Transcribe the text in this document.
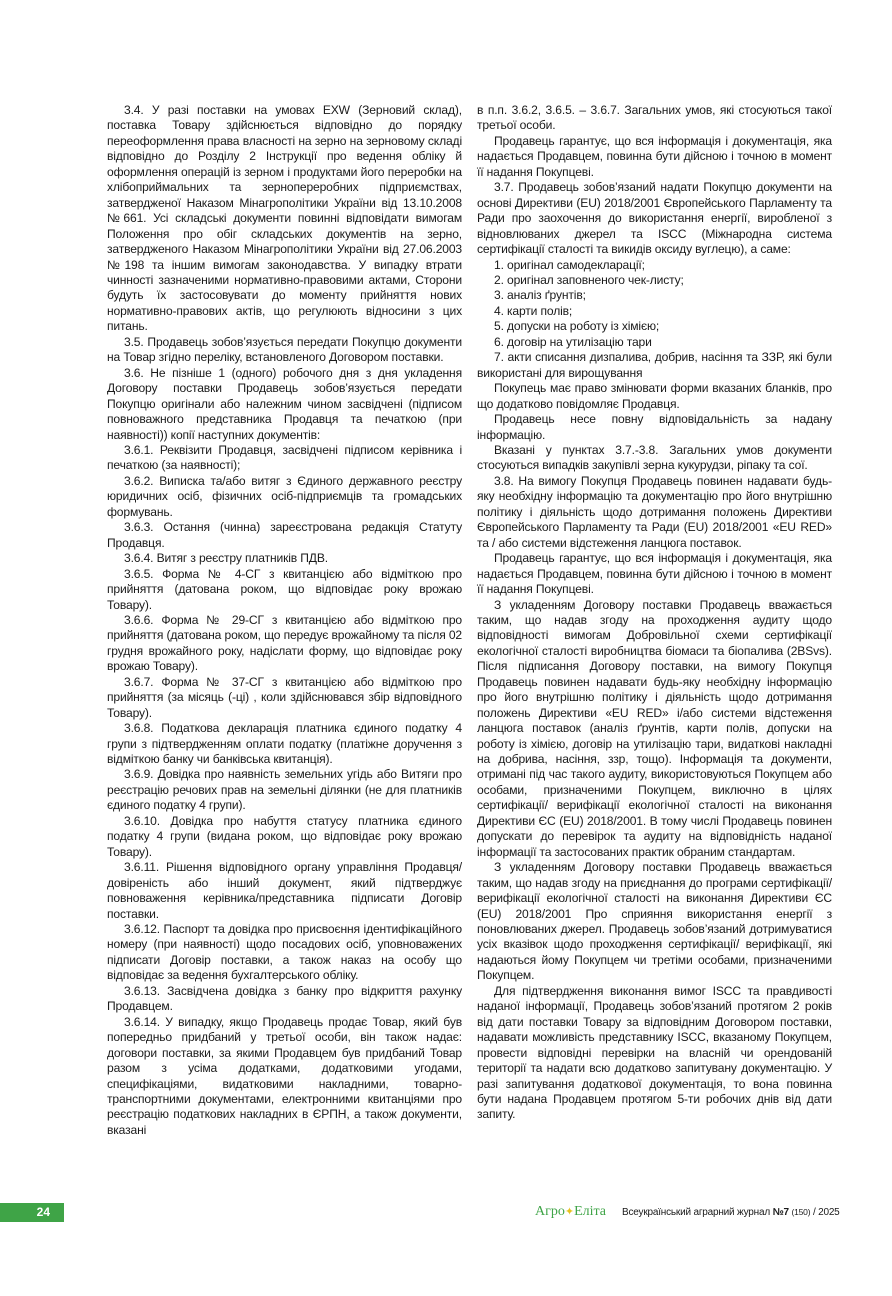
3.4. У разі поставки на умовах EXW (Зерновий склад), поставка Товару здійснюється відповідно до порядку переоформлення права власності на зерно на зерновому складі відповідно до Розділу 2 Інструкції про ведення обліку й оформлення операцій із зерном і продуктами його переробки на хлібоприймальних та зернопереробних підприємствах, затвердженої Наказом Мінагрополітики України від 13.10.2008 №661. Усі складські документи повинні відповідати вимогам Положення про обіг складських документів на зерно, затвердженого Наказом Мінагрополітики України від 27.06.2003 №198 та іншим вимогам законодавства. У випадку втрати чинності зазначеними нормативно-правовими актами, Сторони будуть їх застосовувати до моменту прийняття нових нормативно-правових актів, що регулюють відносини з цих питань.

3.5. Продавець зобов’язується передати Покупцю документи на Товар згідно переліку, встановленого Договором поставки.

3.6. Не пізніше 1 (одного) робочого дня з дня укладення Договору поставки Продавець зобов’язується передати Покупцю оригінали або належним чином засвідчені (підписом повноважного представника Продавця та печаткою (при наявності)) копії наступних документів:

3.6.1. Реквізити Продавця, засвідчені підписом керівника і печаткою (за наявності);

3.6.2. Виписка та/або витяг з Єдиного державного реєстру юридичних осіб, фізичних осіб-підприємців та громадських формувань.

3.6.3. Остання (чинна) зареєстрована редакція Статуту Продавця.

3.6.4. Витяг з реєстру платників ПДВ.

3.6.5. Форма № 4-СГ з квитанцією або відміткою про прийняття (датована роком, що відповідає року врожаю Товару).

3.6.6. Форма № 29-СГ з квитанцією або відміткою про прийняття (датована роком, що передує врожайному та після 02 грудня врожайного року, надіслати форму, що відповідає року врожаю Товару).

3.6.7. Форма № 37-СГ з квитанцією або відміткою про прийняття (за місяць (-ці) , коли здійснювався збір відповідного Товару).

3.6.8. Податкова декларація платника єдиного податку 4 групи з підтвердженням оплати податку (платіжне доручення з відміткою банку чи банківська квитанція).

3.6.9. Довідка про наявність земельних угідь або Витяги про реєстрацію речових прав на земельні ділянки (не для платників єдиного податку 4 групи).

3.6.10. Довідка про набуття статусу платника єдиного податку 4 групи (видана роком, що відповідає року врожаю Товару).

3.6.11. Рішення відповідного органу управління Продавця/довіреність або інший документ, який підтверджує повноваження керівника/представника підписати Договір поставки.

3.6.12. Паспорт та довідка про присвоєння ідентифікаційного номеру (при наявності) щодо посадових осіб, уповноважених підписати Договір поставки, а також наказ на особу що відповідає за ведення бухгалтерського обліку.

3.6.13. Засвідчена довідка з банку про відкриття рахунку Продавцем.

3.6.14. У випадку, якщо Продавець продає Товар, який був попередньо придбаний у третьої особи, він також надає: договори поставки, за якими Продавцем був придбаний Товар разом з усіма додатками, додатковими угодами, специфікаціями, видатковими накладними, товарно-транспортними документами, електронними квитанціями про реєстрацію податкових накладних в ЄРПН, а також документи, вказані

в п.п. 3.6.2, 3.6.5. – 3.6.7. Загальних умов, які стосуються такої третьої особи.

Продавець гарантує, що вся інформація і документація, яка надається Продавцем, повинна бути дійсною і точною в момент її надання Покупцеві.

3.7. Продавець зобов’язаний надати Покупцю документи на основі Директиви (EU) 2018/2001 Європейського Парламенту та Ради про заохочення до використання енергії, виробленої з відновлюваних джерел та ISCC (Міжнародна система сертифікації сталості та викидів оксиду вуглецю), а саме:

1. оригінал самодекларації;

2. оригінал заповненого чек-листу;

3. аналіз ґрунтів;

4. карти полів;

5. допуски на роботу із хімією;

6. договір на утилізацію тари

7. акти списання дизпалива, добрив, насіння та ЗЗР, які були використані для вирощування

Покупець має право змінювати форми вказаних бланків, про що додатково повідомляє Продавця.

Продавець несе повну відповідальність за надану інформацію.

Вказані у пунктах 3.7.-3.8. Загальних умов документи стосуються випадків закупівлі зерна кукурудзи, ріпаку та сої.

3.8. На вимогу Покупця Продавець повинен надавати будь-яку необхідну інформацію та документацію про його внутрішню політику і діяльність щодо дотримання положень Директиви Європейського Парламенту та Ради (EU) 2018/2001 «EU RED» та / або системи відстеження ланцюга поставок.

Продавець гарантує, що вся інформація і документація, яка надається Продавцем, повинна бути дійсною і точною в момент її надання Покупцеві.

З укладенням Договору поставки Продавець вважається таким, що надав згоду на проходження аудиту щодо відповідності вимогам Добровільної схеми сертифікації екологічної сталості виробництва біомаси та біопалива (2BSvs). Після підписання Договору поставки, на вимогу Покупця Продавець повинен надавати будь-яку необхідну інформацію про його внутрішню політику і діяльність щодо дотримання положень Директиви «EU RED» і/або системи відстеження ланцюга поставок (аналіз ґрунтів, карти полів, допуски на роботу із хімією, договір на утилізацію тари, видаткові накладні на добрива, насіння, ззр, тощо). Інформація та документи, отримані під час такого аудиту, використовуються Покупцем або особами, призначеними Покупцем, виключно в цілях сертифікації/ верифікації екологічної сталості на виконання Директиви ЄС (EU) 2018/2001. В тому числі Продавець повинен допускати до перевірок та аудиту на відповідність наданої інформації та застосованих практик обраним стандартам.

З укладенням Договору поставки Продавець вважається таким, що надав згоду на приєднання до програми сертифікації/ верифікації екологічної сталості на виконання Директиви ЄС (EU) 2018/2001 Про сприяння використання енергії з поновлюваних джерел. Продавець зобов’язаний дотримуватися усіх вказівок щодо проходження сертифікації/ верифікації, які надаються йому Покупцем чи третіми особами, призначеними Покупцем.

Для підтвердження виконання вимог ISCC та правдивості наданої інформації, Продавець зобов’язаний протягом 2 років від дати поставки Товару за відповідним Договором поставки, надавати можливість представнику ISCC, вказаному Покупцем, провести відповідні перевірки на власній чи орендованій території та надати всю додатково запитувану документацію. У разі запитування додаткової документація, то вона повинна бути надана Продавцем протягом 5-ти робочих днів від дати запиту.

24	Агро✦Еліта Всеукраїнський аграрний журнал №7 (150) / 2025
